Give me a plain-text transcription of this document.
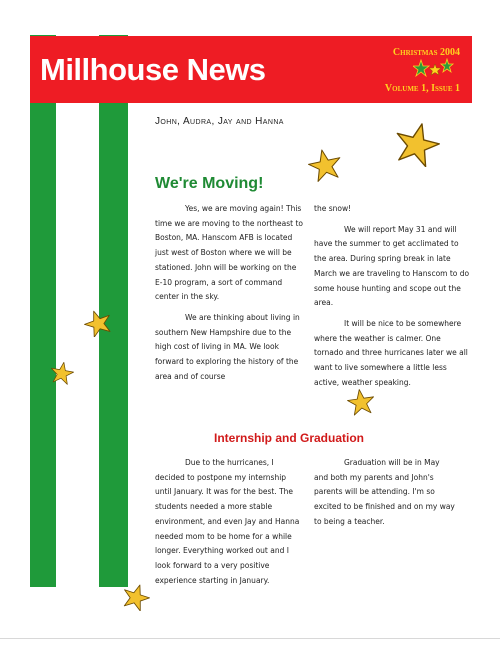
Millhouse News	Christmas 2004
Volume 1, Issue 1
John, Audra, Jay and Hanna
We're Moving!

Yes, we are moving again! This time we are moving to the northeast to Boston, MA. Hanscom AFB is located just west of Boston where we will be stationed. John will be working on the E-10 program, a sort of command center in the sky.

We are thinking about living in southern New Hampshire due to the high cost of living in MA. We look forward to exploring the history of the area and of course

the snow!

We will report May 31 and will have the summer to get acclimated to the area. During spring break in late March we are traveling to Hanscom to do some house hunting and scope out the area.

It will be nice to be somewhere where the weather is calmer. One tornado and three hurricanes later we all want to live somewhere a little less active, weather speaking.

Internship and Graduation

Due to the hurricanes, I decided to postpone my internship until January. It was for the best. The students needed a more stable environment, and even Jay and Hanna needed mom to be home for a while longer. Everything worked out and I look forward to a very positive experience starting in January.

Graduation will be in May and both my parents and John's parents will be attending. I'm so excited to be finished and on my way to being a teacher.
